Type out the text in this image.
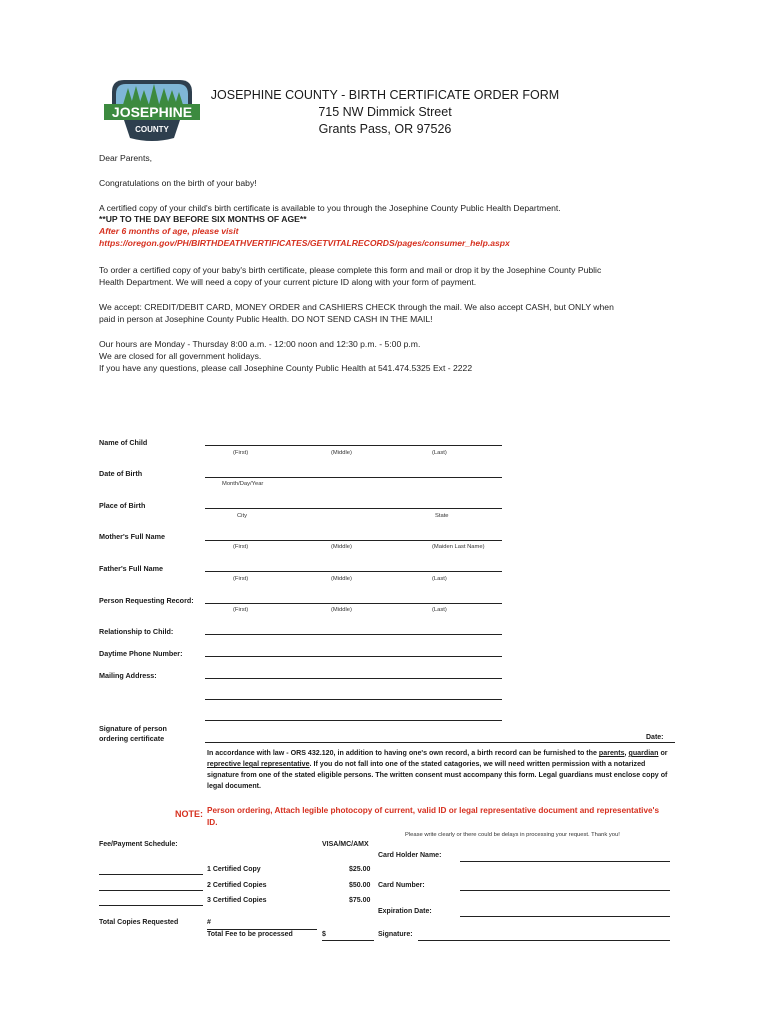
JOSEPHINE
COUNTY
JOSEPHINE COUNTY - BIRTH CERTIFICATE ORDER FORM
715 NW Dimmick Street
Grants Pass, OR 97526
Dear Parents,
Congratulations on the birth of your baby!
A certified copy of your child's birth certificate is available to you through the Josephine County Public Health Department.
**UP TO THE DAY BEFORE SIX MONTHS OF AGE**
After 6 months of age, please visit
https://oregon.gov/PH/BIRTHDEATHVERTIFICATES/GETVITALRECORDS/pages/consumer_help.aspx
To order a certified copy of your baby's birth certificate, please complete this form and mail or drop it by the Josephine County Public
Health Department. We will need a copy of your current picture ID along with your form of payment.
We accept: CREDIT/DEBIT CARD, MONEY ORDER and CASHIERS CHECK through the mail. We also accept CASH, but ONLY when
paid in person at Josephine County Public Health. DO NOT SEND CASH IN THE MAIL!
Our hours are Monday - Thursday 8:00 a.m. - 12:00 noon and 12:30 p.m. - 5:00 p.m.
We are closed for all government holidays.
If you have any questions, please call Josephine County Public Health at 541.474.5325 Ext - 2222
Name of Child
(First)	(Middle)	(Last)
Date of Birth
Month/Day/Year
Place of Birth
City	State
Mother's Full Name
(First)	(Middle)	(Maiden Last Name)
Father's Full Name
(First)	(Middle)	(Last)
Person Requesting Record:
(First)	(Middle)	(Last)
Relationship to Child:
Daytime Phone Number:
Mailing Address:
Signature of person
ordering certificate	Date:
In accordance with law - ORS 432.120, in addition to having one's own record, a birth record can be furnished to the parents, guardian or reprective legal representative. If you do not fall into one of the stated catagories, we will need written permission with a notarized signature from one of the stated eligible persons. The written consent must accompany this form. Legal guardians must enclose copy of legal document.
NOTE: Person ordering, Attach legible photocopy of current, valid ID or legal representative document and representative's
ID.
Please write clearly or there could be delays in processing your request. Thank you!
Fee/Payment Schedule:	VISA/MC/AMX
Card Holder Name:
1 Certified Copy	$25.00
2 Certified Copies	$50.00 Card Number:
3 Certified Copies	$75.00
Expiration Date:
Total Copies Requested	#
Total Fee to be processed	$	Signature:
